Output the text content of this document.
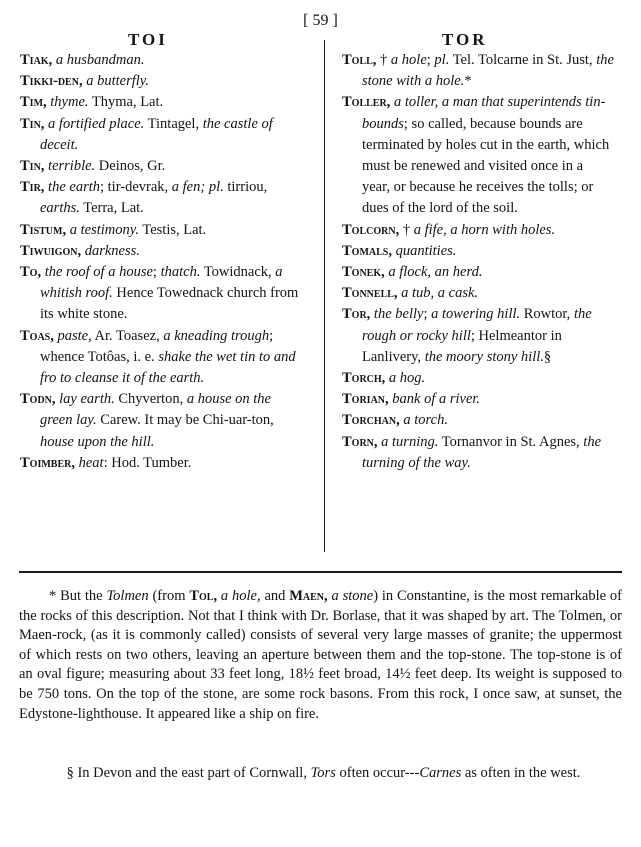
[ 59 ]
TOI	TOR
Tiak, a husbandman.
Tikki-den, a butterfly.
Tim, thyme. Thyma, Lat.
Tin, a fortified place. Tintagel, the castle of deceit.
Tin, terrible. Deinos, Gr.
Tir, the earth; tir-devrak, a fen; pl. tirriou, earths. Terra, Lat.
Tistum, a testimony. Testis, Lat.
Tiwuigon, darkness.
To, the roof of a house; thatch. Towidnack, a whitish roof. Hence Towednack church from its white stone.
Toas, paste, Ar. Toasez, a kneading trough; whence Totôas, i. e. shake the wet tin to and fro to cleanse it of the earth.
Todn, lay earth. Chyverton, a house on the green lay. Carew. It may be Chi-uar-ton, house upon the hill.
Toimber, heat: Hod. Tumber.
Toll, † a hole; pl. Tel. Tolcarne in St. Just, the stone with a hole.*
Toller, a toller, a man that superintends tin-bounds; so called, because bounds are terminated by holes cut in the earth, which must be renewed and visited once in a year, or because he receives the tolls; or dues of the lord of the soil.
Tolcorn, † a fife, a horn with holes.
Tomals, quantities.
Tonek, a flock, an herd.
Tonnell, a tub, a cask.
Tor, the belly; a towering hill. Rowtor, the rough or rocky hill; Helmeantor in Lanlivery, the moory stony hill.§
Torch, a hog.
Torian, bank of a river.
Torchan, a torch.
Torn, a turning. Tornanvor in St. Agnes, the turning of the way.
* But the Tolmen (from Tol, a hole, and Maen, a stone) in Constantine, is the most remarkable of the rocks of this description. Not that I think with Dr. Borlase, that it was shaped by art. The Tolmen, or Maen-rock, (as it is commonly called) consists of several very large masses of granite; the uppermost of which rests on two others, leaving an aperture between them and the top-stone. The top-stone is of an oval figure; measuring about 33 feet long, 18½ feet broad, 14½ feet deep. Its weight is supposed to be 750 tons. On the top of the stone, are some rock basons. From this rock, I once saw, at sunset, the Edystone-lighthouse. It appeared like a ship on fire.
§ In Devon and the east part of Cornwall, Tors often occur---Carnes as often in the west.
